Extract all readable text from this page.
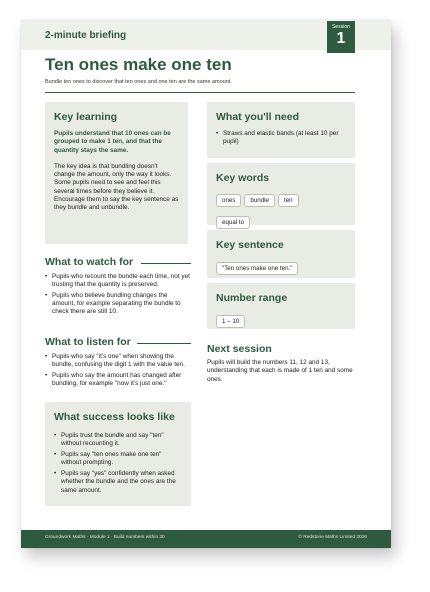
2-minute briefing
Session
1
Ten ones make one ten
Bundle ten ones to discover that ten ones and one ten are the same amount.
Key learning

Pupils understand that 10 ones can be grouped to make 1 ten, and that the quantity stays the same.

The key idea is that bundling doesn't change the amount, only the way it looks. Some pupils need to see and feel this several times before they believe it. Encourage them to say the key sentence as they bundle and unbundle.

What to watch for
• Pupils who recount the bundle each time, not yet trusting that the quantity is preserved.
• Pupils who believe bundling changes the amount, for example separating the bundle to check there are still 10.
What to listen for
• Pupils who say "it's one" when showing the bundle, confusing the digit 1 with the value ten.
• Pupils who say the amount has changed after bundling, for example "now it's just one."
What success looks like
• Pupils trust the bundle and say "ten" without recounting it.
• Pupils say "ten ones make one ten" without prompting.
• Pupils say "yes" confidently when asked whether the bundle and the ones are the same amount.
What you'll need
• Straws and elastic bands (at least 10 per pupil)
Key words
ones bundle ten
equal to
Key sentence
"Ten ones make one ten."
Number range
1 – 10
Next session

Pupils will build the numbers 11, 12 and 13, understanding that each is made of 1 ten and some ones.

Groundwork Maths · Module 1 · Build numbers within 30	© Redstone Maths Limited 2026
